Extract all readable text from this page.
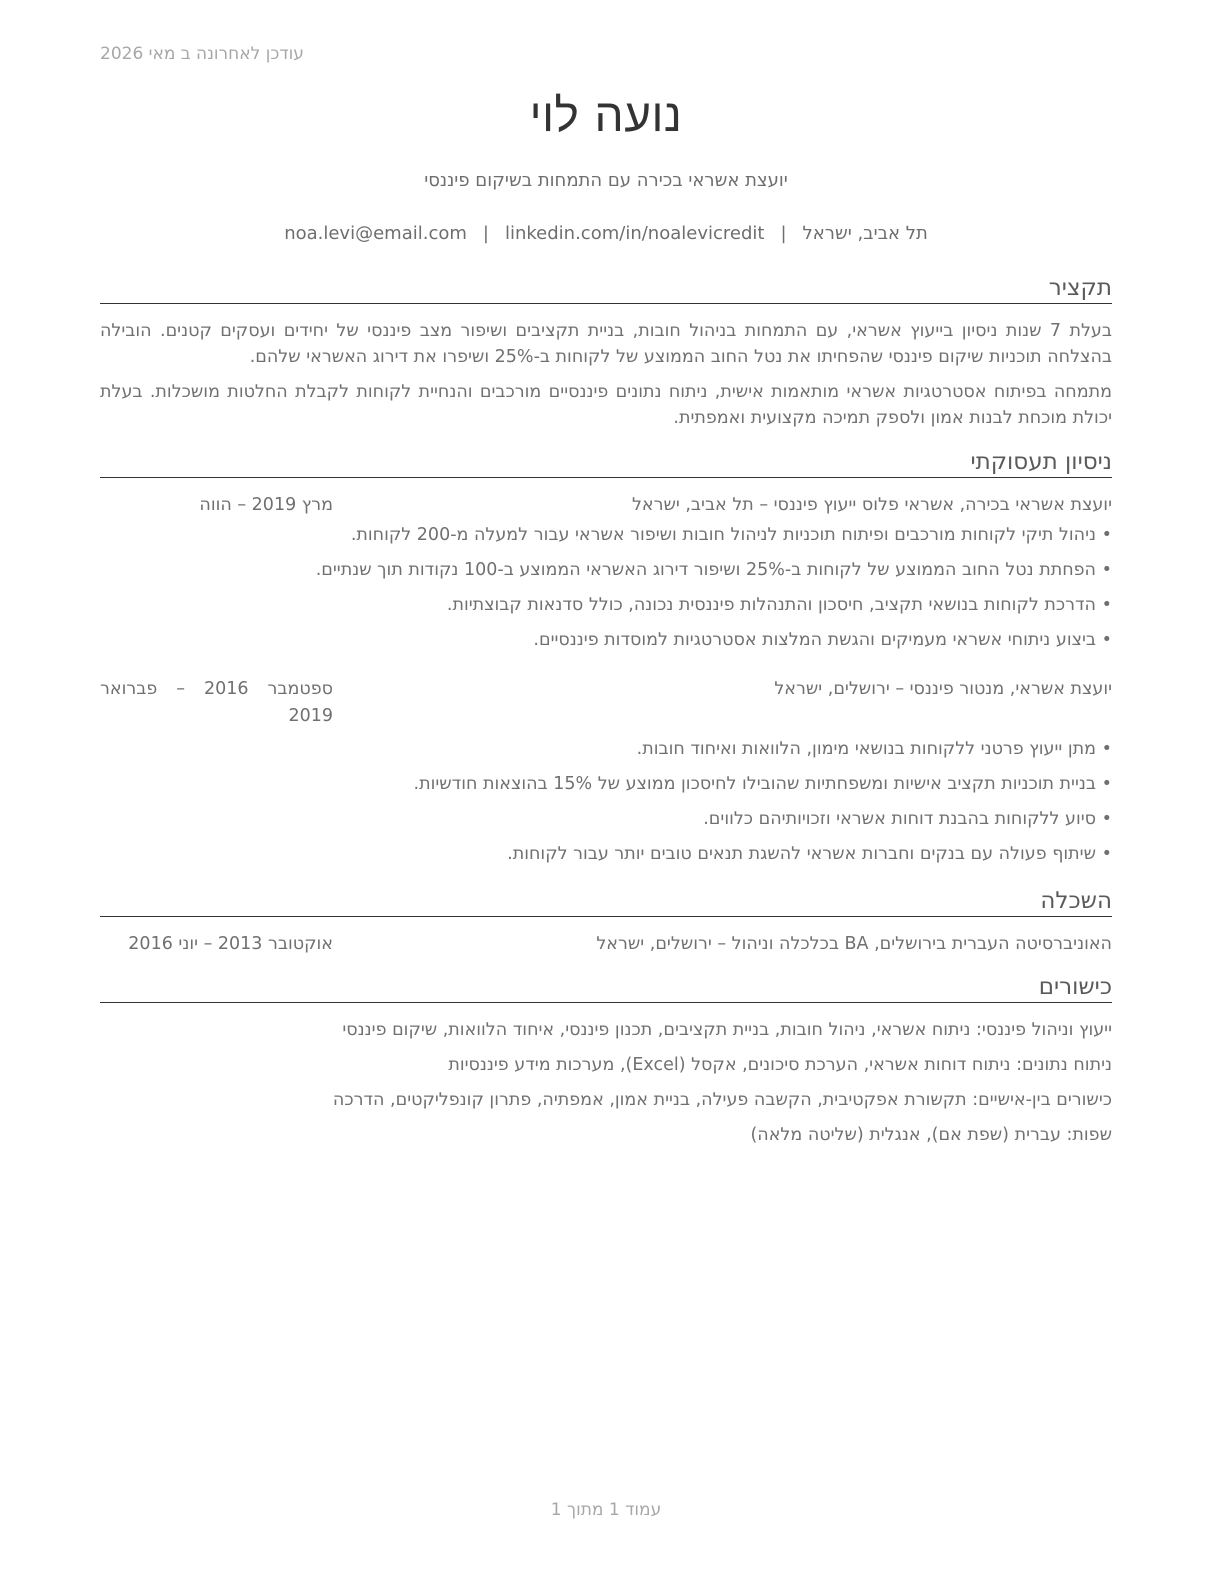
עודכן לאחרונה ב מאי 2026
נועה לוי
יועצת אשראי בכירה עם התמחות בשיקום פיננסי
תל אביב, ישראל|noa.levi@email.com | linkedin.com/in/noalevicredit
תקציר

בעלת 7 שנות ניסיון בייעוץ אשראי, עם התמחות בניהול חובות, בניית תקציבים ושיפור מצב פיננסי של יחידים ועסקים קטנים. הובילה בהצלחה תוכניות שיקום פיננסי שהפחיתו את נטל החוב הממוצע של לקוחות ב-25% ושיפרו את דירוג האשראי שלהם.

מתמחה בפיתוח אסטרטגיות אשראי מותאמות אישית, ניתוח נתונים פיננסיים מורכבים והנחיית לקוחות לקבלת החלטות מושכלות. בעלת יכולת מוכחת לבנות אמון ולספק תמיכה מקצועית ואמפתית.

ניסיון תעסוקתי
יועצת אשראי בכירה, אשראי פלוס ייעוץ פיננסי – תל אביב, ישראל
מרץ 2019 – הווה
• ניהול תיקי לקוחות מורכבים ופיתוח תוכניות לניהול חובות ושיפור אשראי עבור למעלה מ-200 לקוחות.
• הפחתת נטל החוב הממוצע של לקוחות ב-25% ושיפור דירוג האשראי הממוצע ב-100 נקודות תוך שנתיים.
• הדרכת לקוחות בנושאי תקציב, חיסכון והתנהלות פיננסית נכונה, כולל סדנאות קבוצתיות.
• ביצוע ניתוחי אשראי מעמיקים והגשת המלצות אסטרטגיות למוסדות פיננסיים.
יועצת אשראי, מנטור פיננסי – ירושלים, ישראל
ספטמבר 2016 – פברואר 2019
• מתן ייעוץ פרטני ללקוחות בנושאי מימון, הלוואות ואיחוד חובות.
• בניית תוכניות תקציב אישיות ומשפחתיות שהובילו לחיסכון ממוצע של 15% בהוצאות חודשיות.
• סיוע ללקוחות בהבנת דוחות אשראי וזכויותיהם כלווים.
• שיתוף פעולה עם בנקים וחברות אשראי להשגת תנאים טובים יותר עבור לקוחות.
השכלה
האוניברסיטה העברית בירושלים, BA בכלכלה וניהול – ירושלים, ישראל
אוקטובר 2013 – יוני 2016
כישורים
ייעוץ וניהול פיננסי: ניתוח אשראי, ניהול חובות, בניית תקציבים, תכנון פיננסי, איחוד הלוואות, שיקום פיננסי
ניתוח נתונים: ניתוח דוחות אשראי, הערכת סיכונים, אקסל (Excel), מערכות מידע פיננסיות
כישורים בין-אישיים: תקשורת אפקטיבית, הקשבה פעילה, בניית אמון, אמפתיה, פתרון קונפליקטים, הדרכה
שפות: עברית (שפת אם), אנגלית (שליטה מלאה)
עמוד 1 מתוך 1
